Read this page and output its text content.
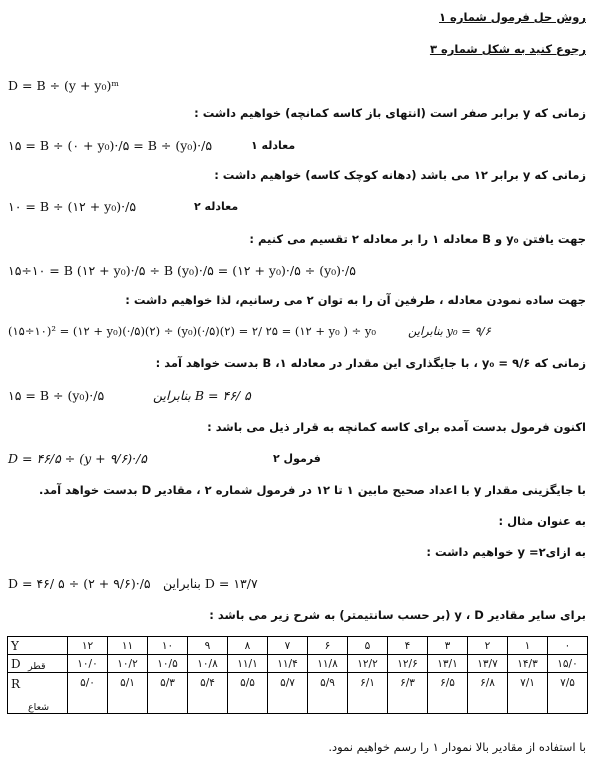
روش حل فرمول شماره ۱
رجوع کنید به شکل شماره ۳
D = B ÷ (y + y₀)ᵐ
زمانی که y برابر صفر است (انتهای باز کاسه کمانچه) خواهیم داشت :
۱۵ = B ÷ (۰ + y₀)·/۵ = B ÷ (y₀)·/۵	معادله ۱
زمانی که y برابر ۱۲ می باشد (دهانه کوچک کاسه) خواهیم داشت :
۱۰ = B ÷ (۱۲ + y₀)·/۵	معادله ۲
جهت یافتن y₀ و B معادله ۱ را بر معادله ۲ تقسیم می کنیم :
۱۵÷۱۰ = B (۱۲ + y₀)·/۵ ÷ B (y₀)·/۵ = (۱۲ + y₀)·/۵ ÷ (y₀)·/۵
جهت ساده نمودن معادله ، طرفین آن را به توان ۲ می رسانیم، لذا خواهیم داشت :
(۱۵÷۱۰)² = (۱۲ + y₀)(·/۵)(۲) ÷ (y₀)(·/۵)(۲) = ۲/ ۲۵ = (۱۲ + y₀ ) ÷ y₀	بنابراین y₀ = ۹/۶
زمانی که ۹/۶ = y₀ ، با جایگذاری این مقدار در معادله ۱، B بدست خواهد آمد :
۱۵ = B ÷ (y₀)·/۵	بنابراین B = ۴۶/ ۵
اکنون فرمول بدست آمده برای کاسه کمانچه به قرار ذیل می باشد :
D = ۴۶/۵ ÷ (y + ۹/۶)·/۵	فرمول ۲
با جایگزینی مقدار y با اعداد صحیح مابین ۱ تا ۱۲ در فرمول شماره ۲ ، مقادیر D بدست خواهد آمد.
به عنوان مثال :
به ازای۲= y خواهیم داشت :
D = ۴۶/ ۵ ÷ (۲ + ۹/۶)·/۵ بنابراین D = ۱۳/۷
برای سایر مقادیر y ، D (بر حسب سانتیمتر) به شرح زیر می باشد :
۰	۱	۲	۳	۴	۵	۶	۷	۸	۹	۱۰	۱۱	۱۲	Y
۱۵/۰	۱۴/۳	۱۳/۷	۱۳/۱	۱۲/۶	۱۲/۲	۱۱/۸	۱۱/۴	۱۱/۱	۱۰/۸	۱۰/۵	۱۰/۲	۱۰/۰	D قطر

۷/۵	۷/۱	۶/۸	۶/۵	۶/۳	۶/۱	۵/۹	۵/۷	۵/۵	۵/۴	۵/۳	۵/۱	۵/۰	R
شعاع
با استفاده از مقادیر بالا نمودار ۱ را رسم خواهیم نمود.
